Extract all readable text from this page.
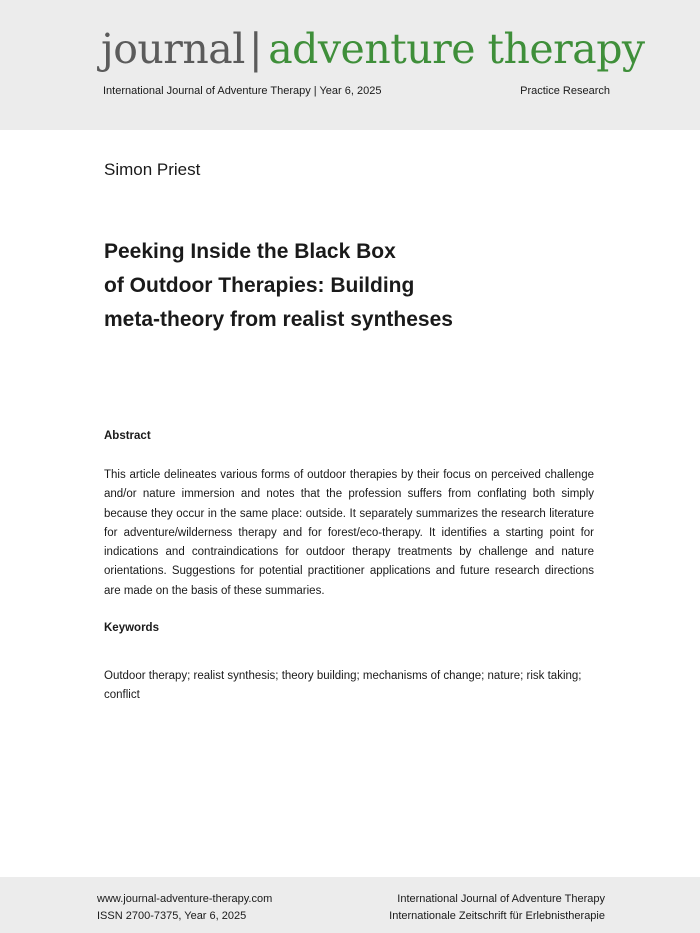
journal| adventure therapy
International Journal of Adventure Therapy | Year 6, 2025	Practice Research
Simon Priest
Peeking Inside the Black Box
of Outdoor Therapies: Building
meta-theory from realist syntheses
Abstract

This article delineates various forms of outdoor therapies by their focus on perceived challenge and/or nature immersion and notes that the profession suffers from conflating both simply because they occur in the same place: outside. It separately summarizes the research literature for adventure/wilderness therapy and for forest/eco-therapy. It identifies a starting point for indications and contraindications for outdoor therapy treatments by challenge and nature orientations. Suggestions for potential practitioner applications and future research directions are made on the basis of these summaries.

Keywords

Outdoor therapy; realist synthesis; theory building; mechanisms of change; nature; risk taking; conflict

www.journal-adventure-therapy.com
ISSN 2700-7375, Year 6, 2025
International Journal of Adventure Therapy
Internationale Zeitschrift für Erlebnistherapie
